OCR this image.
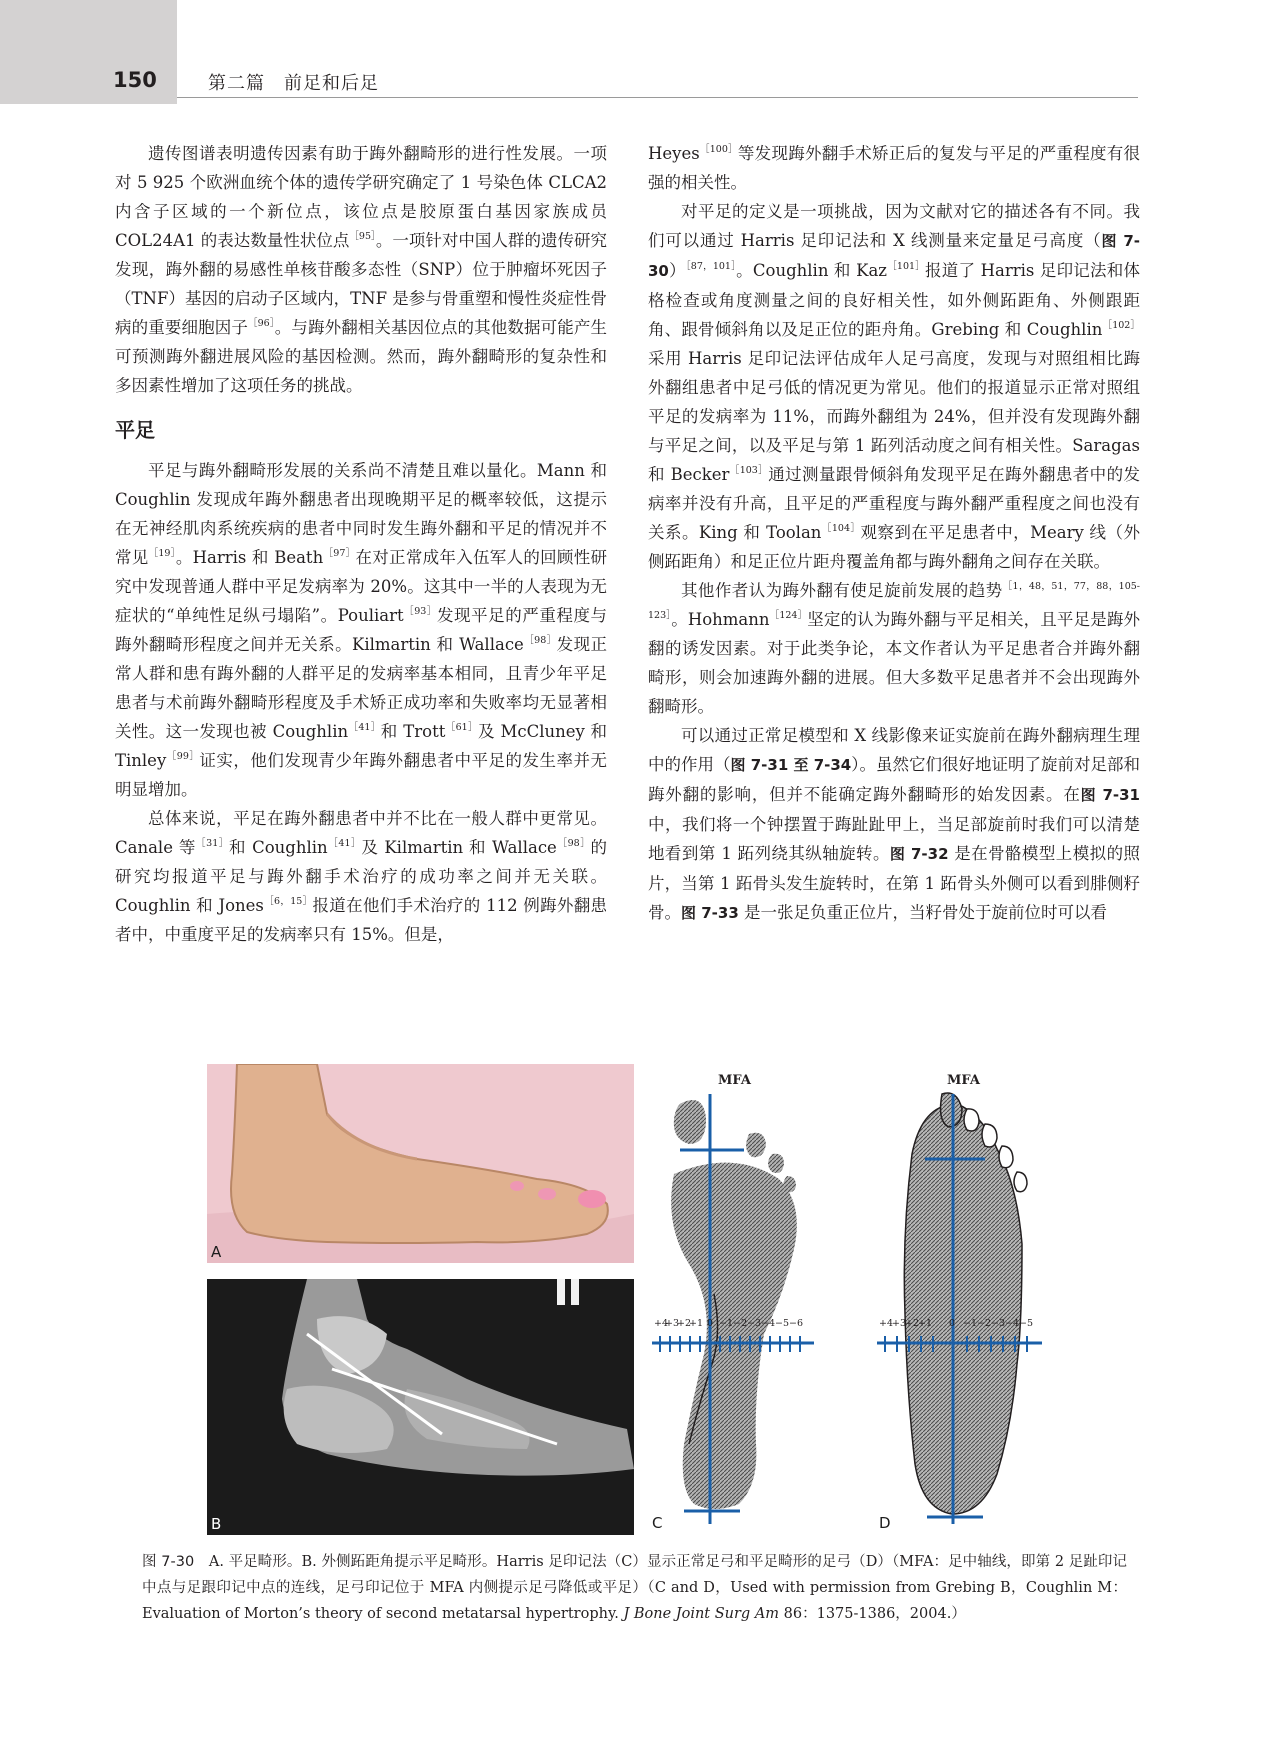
150	第二篇　前足和后足

遗传图谱表明遗传因素有助于踇外翻畸形的进行性发展。一项对 5 925 个欧洲血统个体的遗传学研究确定了 1 号染色体 CLCA2 内含子区域的一个新位点，该位点是胶原蛋白基因家族成员 COL24A1 的表达数量性状位点$^{[95]}$。一项针对中国人群的遗传研究发现，踇外翻的易感性单核苷酸多态性（SNP）位于肿瘤坏死因子（TNF）基因的启动子区域内，TNF 是参与骨重塑和慢性炎症性骨病的重要细胞因子$^{[96]}$。与踇外翻相关基因位点的其他数据可能产生可预测踇外翻进展风险的基因检测。然而，踇外翻畸形的复杂性和多因素性增加了这项任务的挑战。

平足

平足与踇外翻畸形发展的关系尚不清楚且难以量化。Mann 和 Coughlin 发现成年踇外翻患者出现晚期平足的概率较低，这提示在无神经肌肉系统疾病的患者中同时发生踇外翻和平足的情况并不常见$^{[19]}$。Harris 和 Beath$^{[97]}$在对正常成年入伍军人的回顾性研究中发现普通人群中平足发病率为 20%。这其中一半的人表现为无症状的“单纯性足纵弓塌陷”。Pouliart$^{[93]}$发现平足的严重程度与踇外翻畸形程度之间并无关系。Kilmartin 和 Wallace$^{[98]}$发现正常人群和患有踇外翻的人群平足的发病率基本相同，且青少年平足患者与术前踇外翻畸形程度及手术矫正成功率和失败率均无显著相关性。这一发现也被 Coughlin$^{[41]}$和 Trott$^{[61]}$及 McCluney 和 Tinley$^{[99]}$证实，他们发现青少年踇外翻患者中平足的发生率并无明显增加。

总体来说，平足在踇外翻患者中并不比在一般人群中更常见。Canale 等$^{[31]}$和 Coughlin$^{[41]}$及 Kilmartin 和 Wallace$^{[98]}$的研究均报道平足与踇外翻手术治疗的成功率之间并无关联。Coughlin 和 Jones$^{[6,15]}$报道在他们手术治疗的 112 例踇外翻患者中，中重度平足的发病率只有 15%。但是，

Heyes$^{[100]}$等发现踇外翻手术矫正后的复发与平足的严重程度有很强的相关性。

对平足的定义是一项挑战，因为文献对它的描述各有不同。我们可以通过 Harris 足印记法和 X 线测量来定量足弓高度（图 7-30）$^{[87,101]}$。Coughlin 和 Kaz$^{[101]}$报道了 Harris 足印记法和体格检查或角度测量之间的良好相关性，如外侧跖距角、外侧跟距角、跟骨倾斜角以及足正位的距舟角。Grebing 和 Coughlin$^{[102]}$采用 Harris 足印记法评估成年人足弓高度，发现与对照组相比踇外翻组患者中足弓低的情况更为常见。他们的报道显示正常对照组平足的发病率为 11%，而踇外翻组为 24%，但并没有发现踇外翻与平足之间，以及平足与第 1 跖列活动度之间有相关性。Saragas 和 Becker$^{[103]}$通过测量跟骨倾斜角发现平足在踇外翻患者中的发病率并没有升高，且平足的严重程度与踇外翻严重程度之间也没有关系。King 和 Toolan$^{[104]}$观察到在平足患者中，Meary 线（外侧跖距角）和足正位片距舟覆盖角都与踇外翻角之间存在关联。

其他作者认为踇外翻有使足旋前发展的趋势$^{[1,48,51,77,88,105-123]}$。Hohmann$^{[124]}$坚定的认为踇外翻与平足相关，且平足是踇外翻的诱发因素。对于此类争论，本文作者认为平足患者合并踇外翻畸形，则会加速踇外翻的进展。但大多数平足患者并不会出现踇外翻畸形。

可以通过正常足模型和 X 线影像来证实旋前在踇外翻病理生理中的作用（图 7-31 至 7-34）。虽然它们很好地证明了旋前对足部和踇外翻的影响，但并不能确定踇外翻畸形的始发因素。在图 7-31 中，我们将一个钟摆置于踇趾趾甲上，当足部旋前时我们可以清楚地看到第 1 跖列绕其纵轴旋转。图 7-32 是在骨骼模型上模拟的照片，当第 1 跖骨头发生旋转时，在第 1 跖骨头外侧可以看到腓侧籽骨。图 7-33 是一张足负重正位片，当籽骨处于旋前位时可以看

A
B
MFA
+4
+3
+2
+1 0 −1 −2 −3 −4 −5 −6
C
MFA
+4
+3
+2
+1 0 −1 −2 −3 −4 −5
D
图 7-30　A. 平足畸形。B. 外侧跖距角提示平足畸形。Harris 足印记法（C）显示正常足弓和平足畸形的足弓（D）（MFA：足中轴线，即第 2 足趾印记中点与足跟印记中点的连线，足弓印记位于 MFA 内侧提示足弓降低或平足）（C and D，Used with permission from Grebing B，Coughlin M：Evaluation of Morton’s theory of second metatarsal hypertrophy. J Bone Joint Surg Am 86：1375-1386，2004.）
